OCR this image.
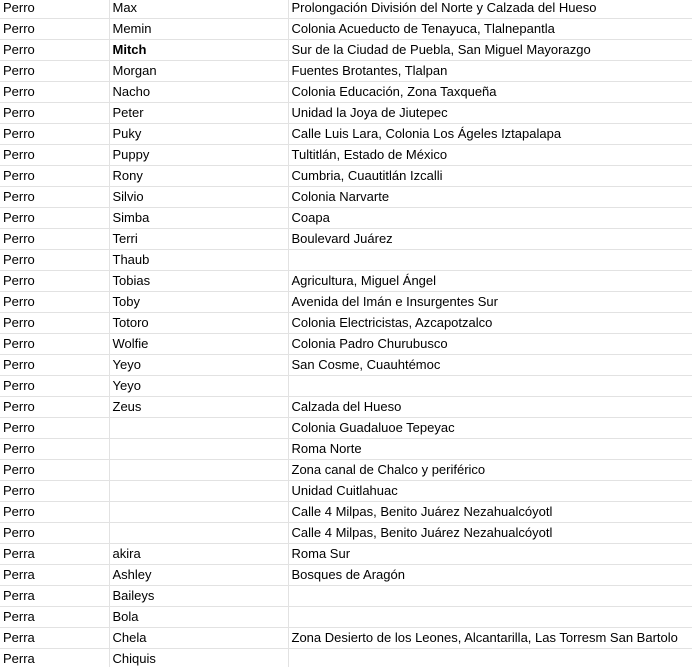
Perro	Max	Prolongación División del Norte y Calzada del Hueso
Perro	Memin	Colonia Acueducto de Tenayuca, Tlalnepantla
Perro	Mitch	Sur de la Ciudad de Puebla, San Miguel Mayorazgo
Perro	Morgan	Fuentes Brotantes, Tlalpan
Perro	Nacho	Colonia Educación, Zona Taxqueña
Perro	Peter	Unidad la Joya de Jiutepec
Perro	Puky	Calle Luis Lara, Colonia Los Ágeles Iztapalapa
Perro	Puppy	Tultitlán, Estado de México
Perro	Rony	Cumbria, Cuautitlán Izcalli
Perro	Silvio	Colonia Narvarte
Perro	Simba	Coapa
Perro	Terri	Boulevard Juárez
Perro	Thaub	
Perro	Tobias	Agricultura, Miguel Ángel
Perro	Toby	Avenida del Imán e Insurgentes Sur
Perro	Totoro	Colonia Electricistas, Azcapotzalco
Perro	Wolfie	Colonia Padro Churubusco
Perro	Yeyo	San Cosme, Cuauhtémoc
Perro	Yeyo	
Perro	Zeus	Calzada del Hueso
Perro		Colonia Guadaluoe Tepeyac
Perro		Roma Norte
Perro		Zona canal de Chalco y periférico
Perro		Unidad Cuitlahuac
Perro		Calle 4 Milpas, Benito Juárez Nezahualcóyotl
Perro		Calle 4 Milpas, Benito Juárez Nezahualcóyotl
Perra	akira	Roma Sur
Perra	Ashley	Bosques de Aragón
Perra	Baileys	
Perra	Bola	
Perra	Chela	Zona Desierto de los Leones, Alcantarilla, Las Torresm San Bartolo
Perra	Chiquis	
